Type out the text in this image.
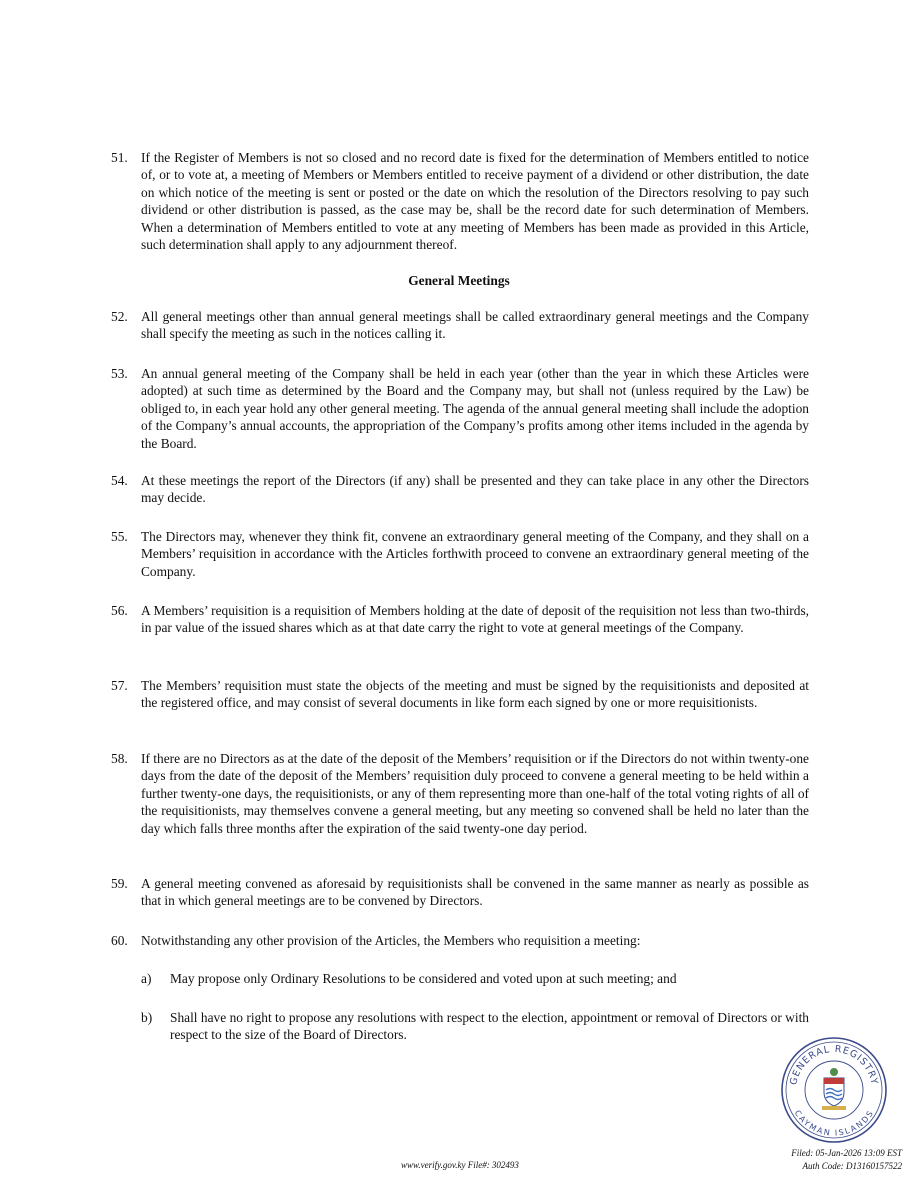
51. If the Register of Members is not so closed and no record date is fixed for the determination of Members entitled to notice of, or to vote at, a meeting of Members or Members entitled to receive payment of a dividend or other distribution, the date on which notice of the meeting is sent or posted or the date on which the resolution of the Directors resolving to pay such dividend or other distribution is passed, as the case may be, shall be the record date for such determination of Members. When a determination of Members entitled to vote at any meeting of Members has been made as provided in this Article, such determination shall apply to any adjournment thereof.
General Meetings
52. All general meetings other than annual general meetings shall be called extraordinary general meetings and the Company shall specify the meeting as such in the notices calling it.
53. An annual general meeting of the Company shall be held in each year (other than the year in which these Articles were adopted) at such time as determined by the Board and the Company may, but shall not (unless required by the Law) be obliged to, in each year hold any other general meeting. The agenda of the annual general meeting shall include the adoption of the Company’s annual accounts, the appropriation of the Company’s profits among other items included in the agenda by the Board.
54. At these meetings the report of the Directors (if any) shall be presented and they can take place in any other the Directors may decide.
55. The Directors may, whenever they think fit, convene an extraordinary general meeting of the Company, and they shall on a Members’ requisition in accordance with the Articles forthwith proceed to convene an extraordinary general meeting of the Company.
56. A Members’ requisition is a requisition of Members holding at the date of deposit of the requisition not less than two-thirds, in par value of the issued shares which as at that date carry the right to vote at general meetings of the Company.
57. The Members’ requisition must state the objects of the meeting and must be signed by the requisitionists and deposited at the registered office, and may consist of several documents in like form each signed by one or more requisitionists.
58. If there are no Directors as at the date of the deposit of the Members’ requisition or if the Directors do not within twenty-one days from the date of the deposit of the Members’ requisition duly proceed to convene a general meeting to be held within a further twenty-one days, the requisitionists, or any of them representing more than one-half of the total voting rights of all of the requisitionists, may themselves convene a general meeting, but any meeting so convened shall be held no later than the day which falls three months after the expiration of the said twenty-one day period.
59. A general meeting convened as aforesaid by requisitionists shall be convened in the same manner as nearly as possible as that in which general meetings are to be convened by Directors.
60. Notwithstanding any other provision of the Articles, the Members who requisition a meeting:
a)	May propose only Ordinary Resolutions to be considered and voted upon at such meeting; and
b)	Shall have no right to propose any resolutions with respect to the election, appointment or removal of Directors or with respect to the size of the Board of Directors.
GENERAL REGISTRY
CAYMAN ISLANDS
www.verify.gov.ky File#: 302493
Filed: 05-Jan-2026 13:09 EST
Auth Code: D13160157522
